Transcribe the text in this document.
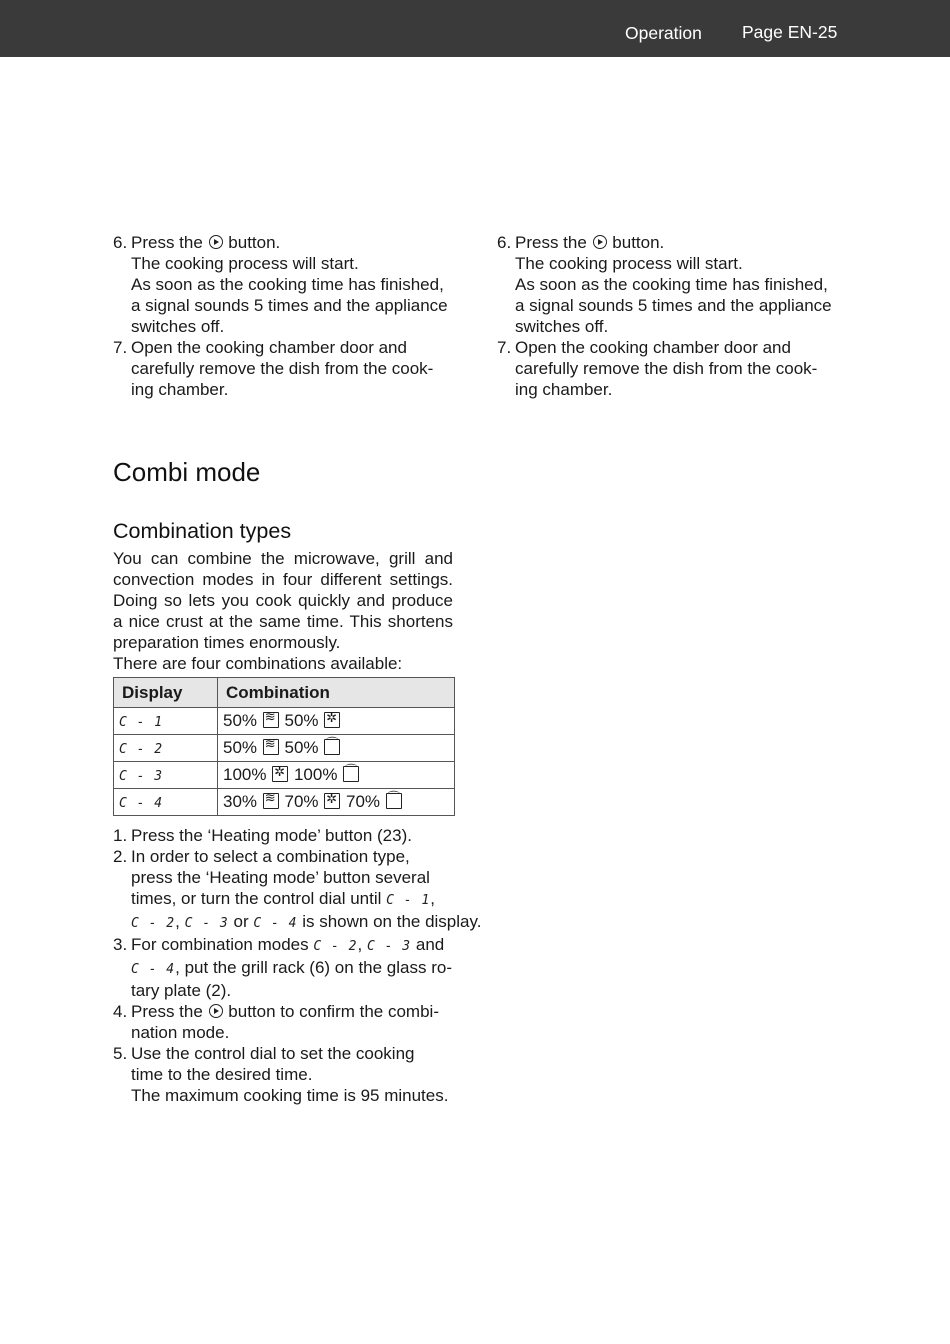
Operation Page EN-25
6. Press the button.
The cooking process will start.
As soon as the cooking time has finished,
a signal sounds 5 times and the appliance
switches off.
7. Open the cooking chamber door and
carefully remove the dish from the cook-
ing chamber.
6. Press the button.
The cooking process will start.
As soon as the cooking time has finished,
a signal sounds 5 times and the appliance
switches off.
7. Open the cooking chamber door and
carefully remove the dish from the cook-
ing chamber.
Combi mode
Combination types
You can combine the microwave, grill and convection modes in four different settings. Doing so lets you cook quickly and produce a nice crust at the same time. This shortens preparation times enormously.
There are four combinations available:
Display	Combination
C - 1	50% ≋ 50% ✲
C - 2	50% ≋ 50% ⌒
C - 3	100% ✲ 100% ⌒
C - 4	30% ≋ 70% ✲ 70% ⌒
1. Press the ‘Heating mode’ button (23).
2. In order to select a combination type,
press the ‘Heating mode’ button several
times, or turn the control dial until C - 1,
C - 2, C - 3 or C - 4 is shown on the display.
3. For combination modes C - 2, C - 3 and
C - 4, put the grill rack (6) on the glass ro-
tary plate (2).
4. Press the button to confirm the combi-
nation mode.
5. Use the control dial to set the cooking
time to the desired time.
The maximum cooking time is 95 minutes.
